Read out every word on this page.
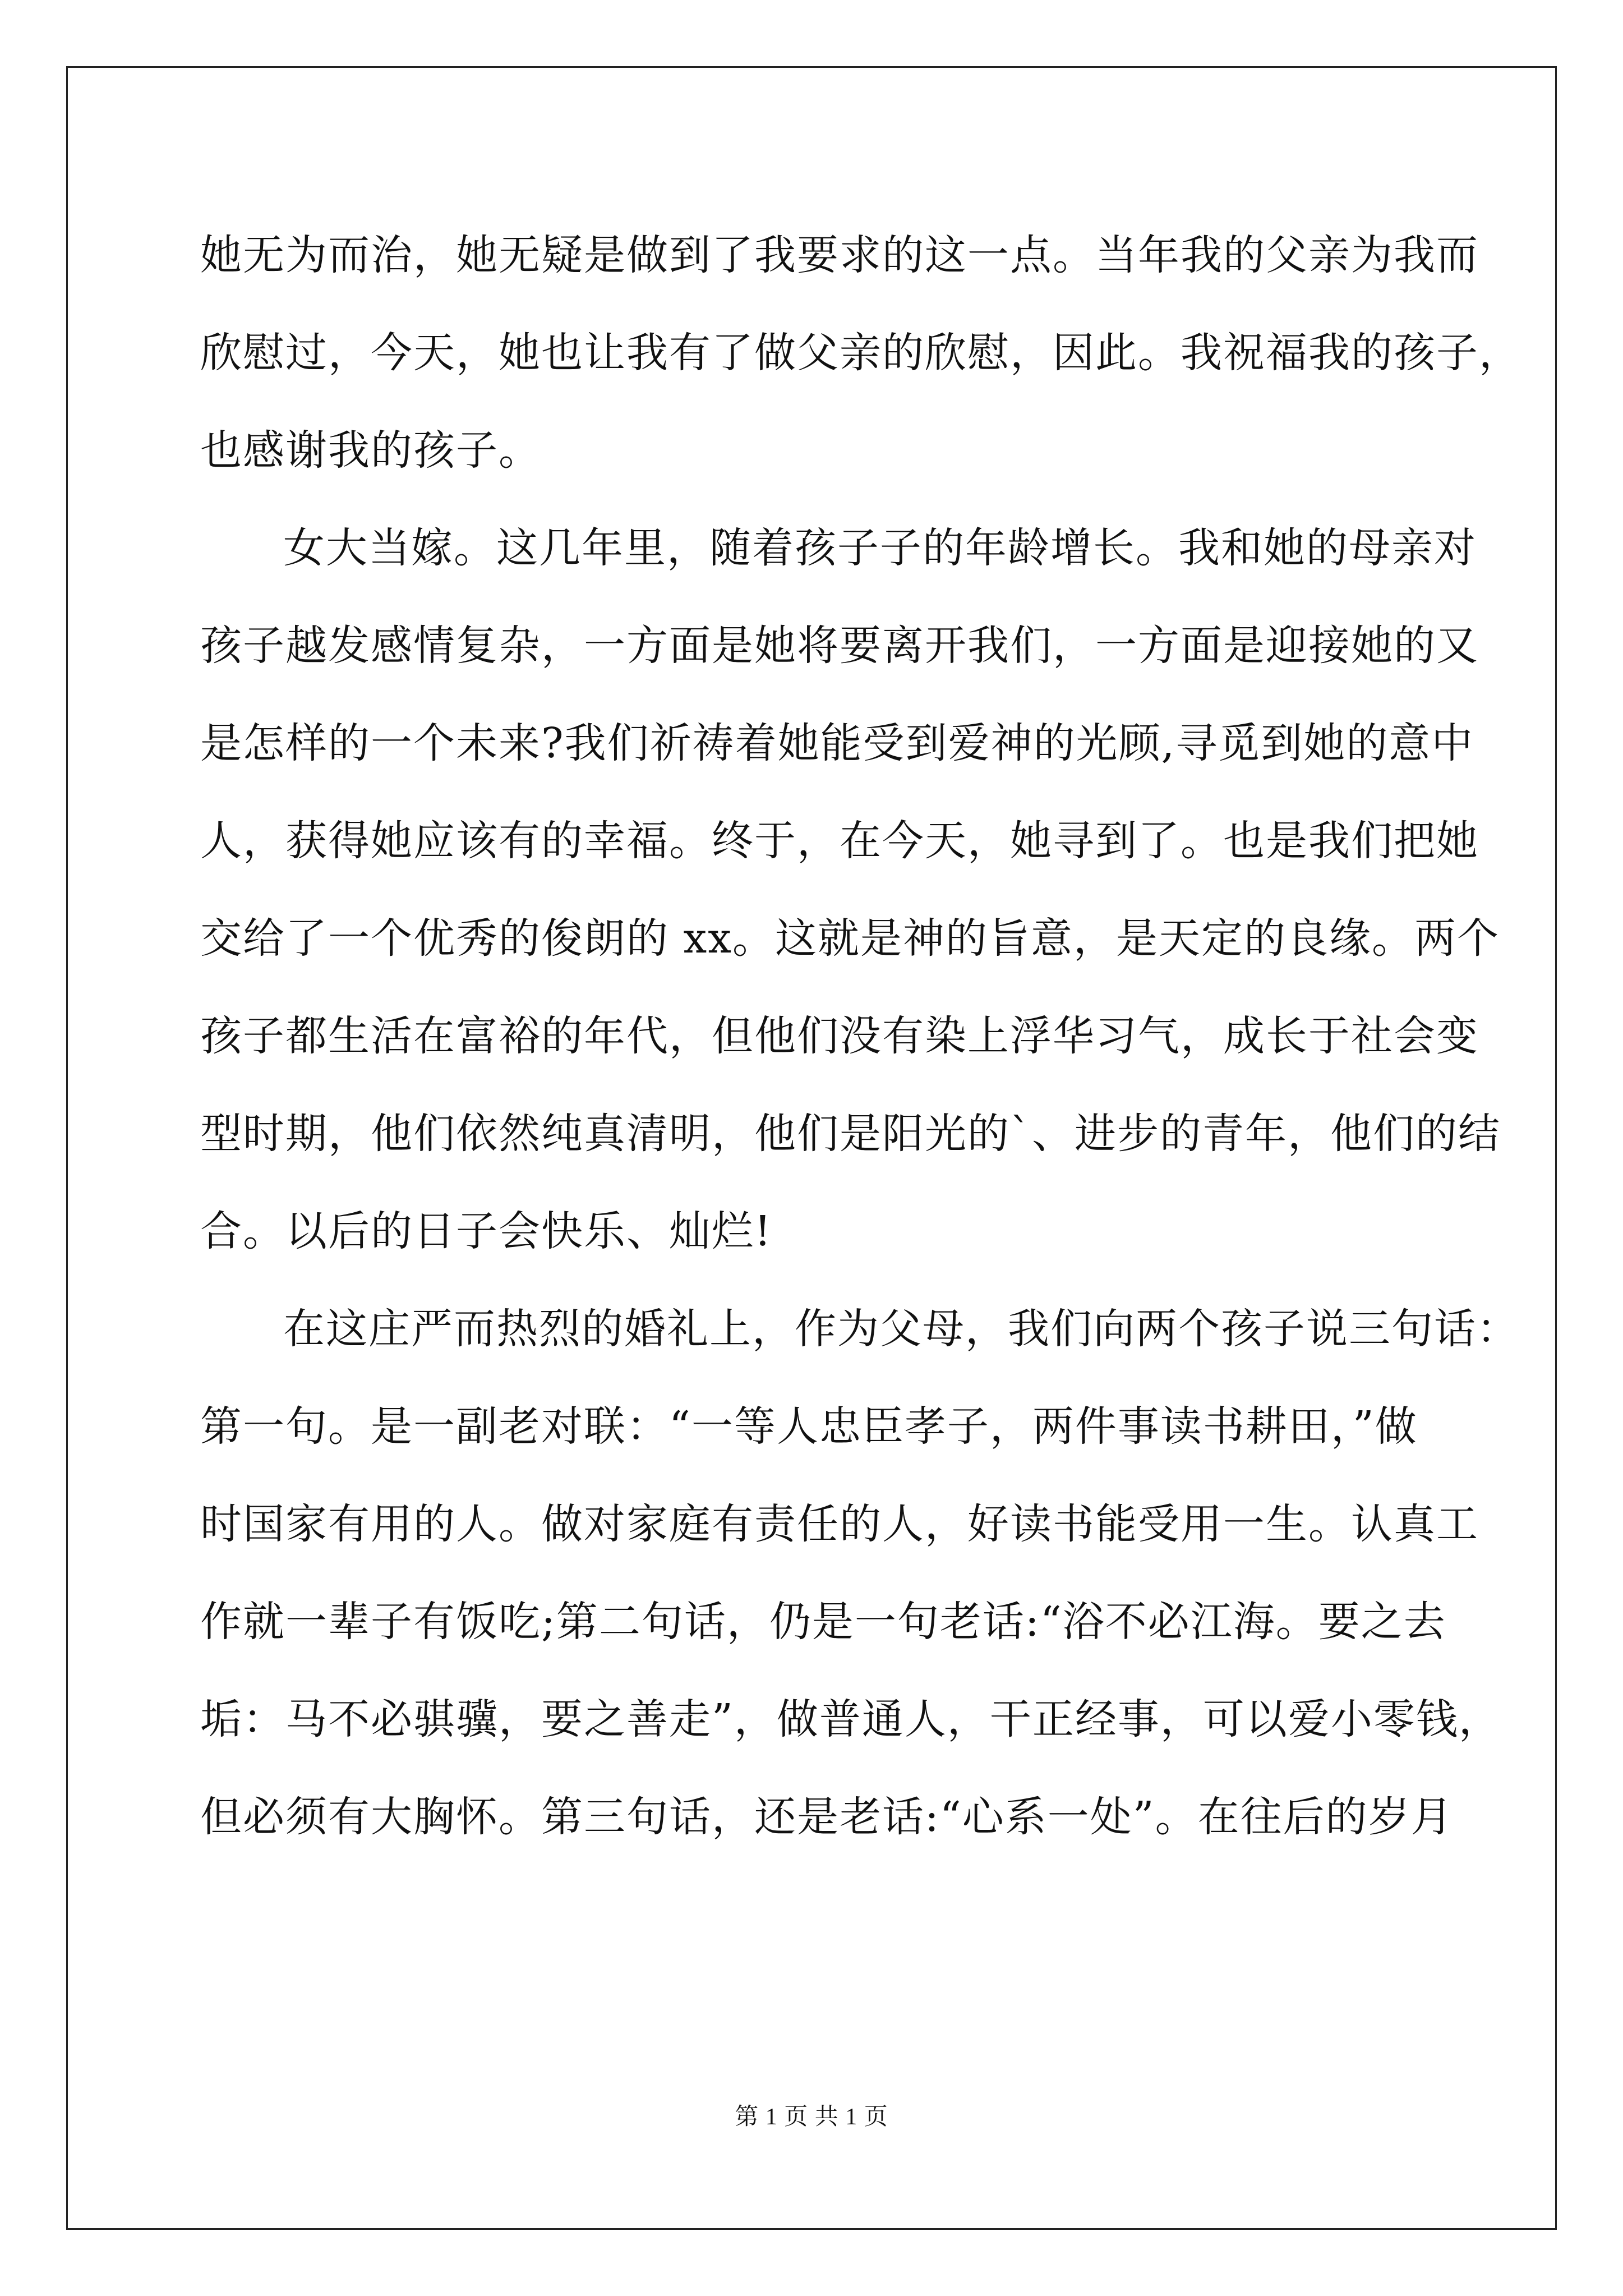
她无为而治，她无疑是做到了我要求的这一点。当年我的父亲为我而
欣慰过，今天，她也让我有了做父亲的欣慰，因此。我祝福我的孩子，
也感谢我的孩子。
女大当嫁。这几年里，随着孩子子的年龄增长。我和她的母亲对
孩子越发感情复杂，一方面是她将要离开我们，一方面是迎接她的又
是怎样的一个未来?我们祈祷着她能受到爱神的光顾,寻觅到她的意中
人，获得她应该有的幸福。终于，在今天，她寻到了。也是我们把她
交给了一个优秀的俊朗的 xx。这就是神的旨意，是天定的良缘。两个
孩子都生活在富裕的年代，但他们没有染上浮华习气，成长于社会变
型时期，他们依然纯真清明，他们是阳光的`、进步的青年，他们的结
合。以后的日子会快乐、灿烂!
在这庄严而热烈的婚礼上，作为父母，我们向两个孩子说三句话：
第一句。是一副老对联：“一等人忠臣孝子，两件事读书耕田，”做
时国家有用的人。做对家庭有责任的人，好读书能受用一生。认真工
作就一辈子有饭吃;第二句话，仍是一句老话:“浴不必江海。要之去
垢：马不必骐骥，要之善走”，做普通人，干正经事，可以爱小零钱，
但必须有大胸怀。第三句话，还是老话:“心系一处”。在往后的岁月
第 1 页 共 1 页
